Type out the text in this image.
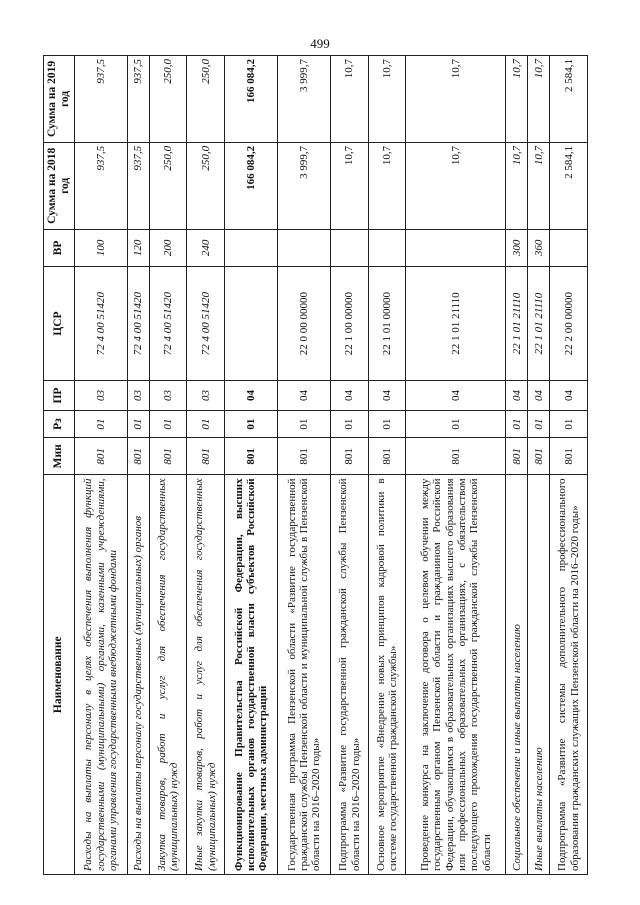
499
Наименование	Мин	Рз	ПР	ЦСР	ВР	Сумма на 2018 год	Сумма на 2019 год
Расходы на выплаты персоналу в целях обеспечения выполнения функций государственными (муниципальными) органами, казенными учреждениями, органами управления государственными внебюджетными фондами	801	01	03	72 4 00 51420	100	937,5	937,5
Расходы на выплаты персоналу государственных (муниципальных) органов	801	01	03	72 4 00 51420	120	937,5	937,5
Закупка товаров, работ и услуг для обеспечения государственных (муниципальных) нужд	801	01	03	72 4 00 51420	200	250,0	250,0
Иные закупки товаров, работ и услуг для обеспечения государственных (муниципальных) нужд	801	01	03	72 4 00 51420	240	250,0	250,0
Функционирование Правительства Российской Федерации, высших исполнительных органов государственной власти субъектов Российской Федерации, местных администраций	801	01	04			166 084,2	166 084,2
Государственная программа Пензенской области «Развитие государственной гражданской службы Пензенской области и муниципальной службы в Пензенской области на 2016–2020 годы»	801	01	04	22 0 00 00000		3 999,7	3 999,7
Подпрограмма «Развитие государственной гражданской службы Пензенской области на 2016–2020 годы»	801	01	04	22 1 00 00000		10,7	10,7
Основное мероприятие «Внедрение новых принципов кадровой политики в системе государственной гражданской службы»	801	01	04	22 1 01 00000		10,7	10,7
Проведение конкурса на заключение договора о целевом обучении между государственным органом Пензенской области и гражданином Российской Федерации, обучающимся в образовательных организациях высшего образования или профессиональных образовательных организациях, с обязательством последующего прохождения государственной гражданской службы Пензенской области	801	01	04	22 1 01 21110		10,7	10,7
Социальное обеспечение и иные выплаты населению	801	01	04	22 1 01 21110	300	10,7	10,7
Иные выплаты населению	801	01	04	22 1 01 21110	360	10,7	10,7
Подпрограмма «Развитие системы дополнительного профессионального образования гражданских служащих Пензенской области на 2016–2020 годы»	801	01	04	22 2 00 00000		2 584,1	2 584,1
